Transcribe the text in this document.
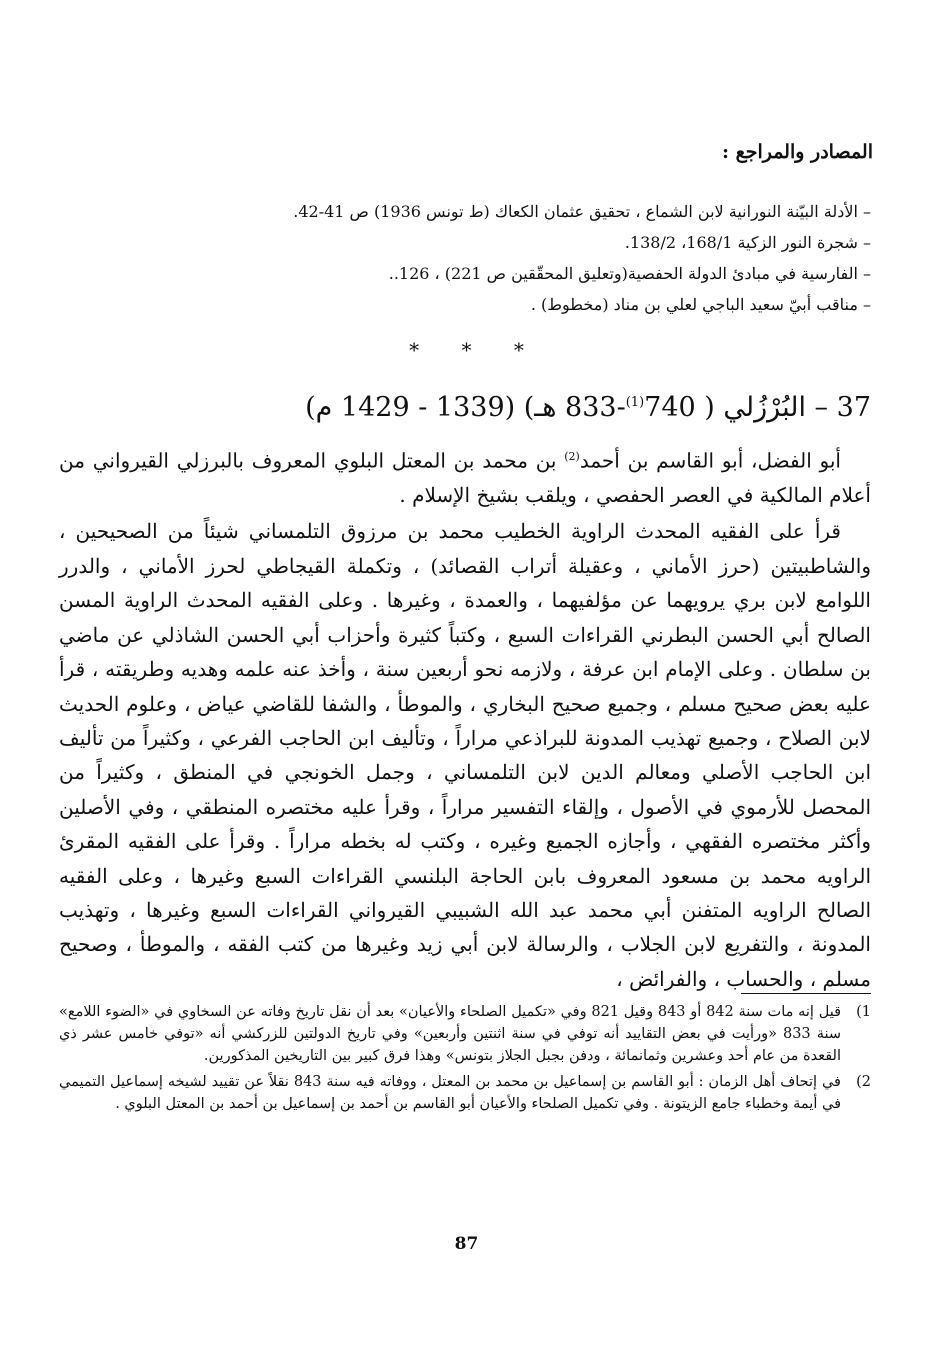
المصادر والمراجع :
– الأدلة البيّنة النورانية لابن الشماع ، تحقيق عثمان الكعاك (ط تونس 1936) ص 41-42.
– شجرة النور الزكية 168/1، 138/2.
– الفارسية في مبادئ الدولة الحفصية(وتعليق المحقّقين ص 221) ، 126..
– مناقب أبيّ سعيد الباجي لعلي بن مناد (مخطوط) .
* * *
37 – البُرْزُلي ( 740$^{(1)}$-833 هـ) (1339 - 1429 م)

أبو الفضل، أبو القاسم بن أحمد$^{(2)}$ بن محمد بن المعتل البلوي المعروف بالبرزلي القيرواني من أعلام المالكية في العصر الحفصي ، ويلقب بشيخ الإسلام .

قرأ على الفقيه المحدث الراوية الخطيب محمد بن مرزوق التلمساني شيئاً من الصحيحين ، والشاطبيتين (حرز الأماني ، وعقيلة أتراب القصائد) ، وتكملة القيجاطي لحرز الأماني ، والدرر اللوامع لابن بري يرويهما عن مؤلفيهما ، والعمدة ، وغيرها . وعلى الفقيه المحدث الراوية المسن الصالح أبي الحسن البطرني القراءات السبع ، وكتباً كثيرة وأحزاب أبي الحسن الشاذلي عن ماضي بن سلطان . وعلى الإمام ابن عرفة ، ولازمه نحو أربعين سنة ، وأخذ عنه علمه وهديه وطريقته ، قرأ عليه بعض صحيح مسلم ، وجميع صحيح البخاري ، والموطأ ، والشفا للقاضي عياض ، وعلوم الحديث لابن الصلاح ، وجميع تهذيب المدونة للبراذعي مراراً ، وتأليف ابن الحاجب الفرعي ، وكثيراً من تأليف ابن الحاجب الأصلي ومعالم الدين لابن التلمساني ، وجمل الخونجي في المنطق ، وكثيراً من المحصل للأرموي في الأصول ، وإلقاء التفسير مراراً ، وقرأ عليه مختصره المنطقي ، وفي الأصلين وأكثر مختصره الفقهي ، وأجازه الجميع وغيره ، وكتب له بخطه مراراً . وقرأ على الفقيه المقرئ الراويه محمد بن مسعود المعروف بابن الحاجة البلنسي القراءات السبع وغيرها ، وعلى الفقيه الصالح الراويه المتفنن أبي محمد عبد الله الشبيبي القيرواني القراءات السبع وغيرها ، وتهذيب المدونة ، والتفريع لابن الجلاب ، والرسالة لابن أبي زيد وغيرها من كتب الفقه ، والموطأ ، وصحيح مسلم ، والحساب ، والفرائض ،

1)
قيل إنه مات سنة 842 أو 843 وقيل 821 وفي «تكميل الصلحاء والأعيان» بعد أن نقل تاريخ وفاته عن السخاوي في «الضوء اللامع» سنة 833 «ورأيت في بعض التقاييد أنه توفي في سنة اثنتين وأربعين» وفي تاريخ الدولتين للزركشي أنه «توفي خامس عشر ذي القعدة من عام أحد وعشرين وثمانمائة ، ودفن بجبل الجلاز بتونس» وهذا فرق كبير بين التاريخين المذكورين.
2)
في إتحاف أهل الزمان : أبو القاسم بن إسماعيل بن محمد بن المعتل ، ووفاته فيه سنة 843 نقلاً عن تقييد لشيخه إسماعيل التميمي في أيمة وخطباء جامع الزيتونة . وفي تكميل الصلحاء والأعيان أبو القاسم بن أحمد بن إسماعيل بن أحمد بن المعتل البلوي .
87
